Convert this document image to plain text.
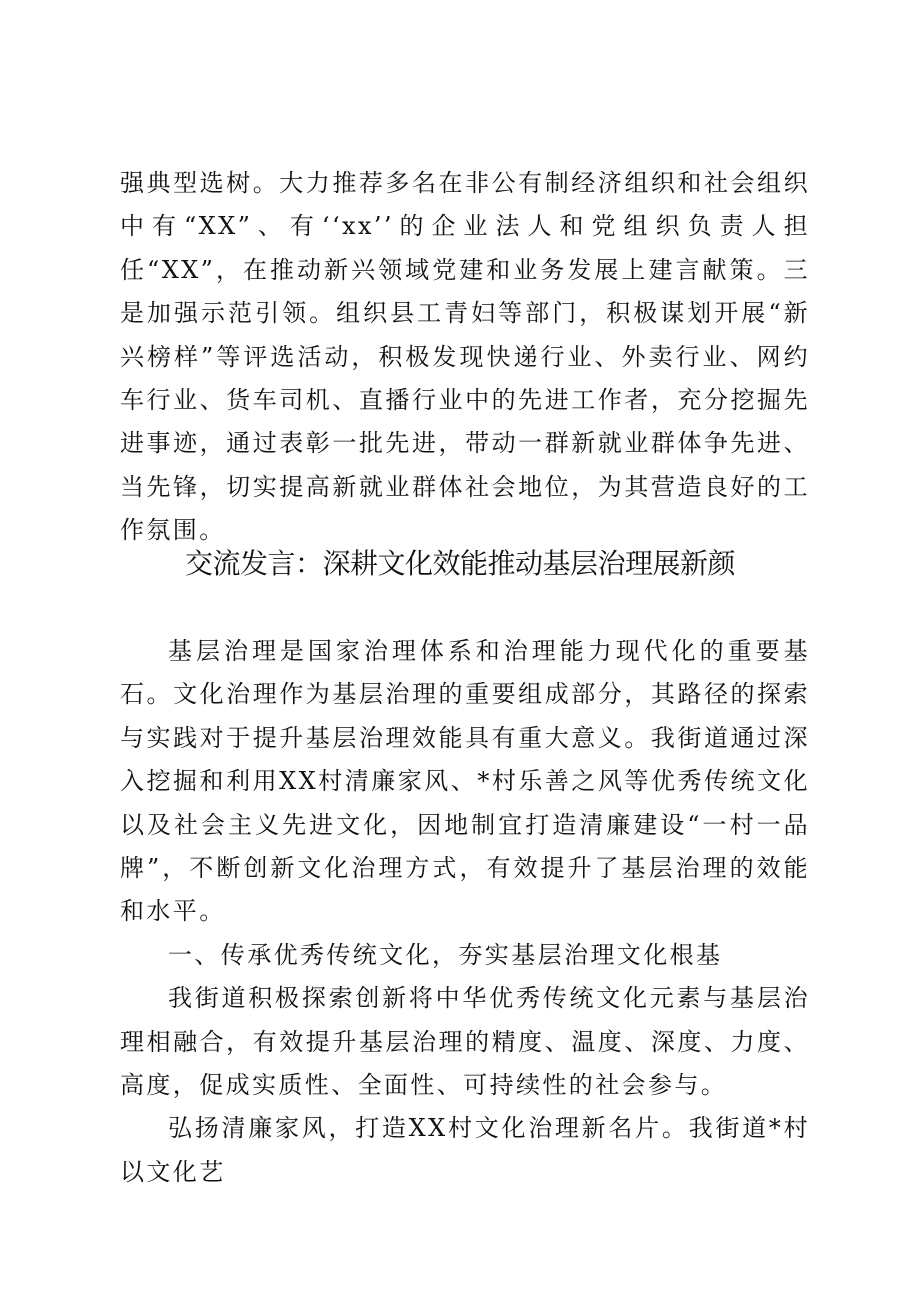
强典型选树。大力推荐多名在非公有制经济组织和社会组织中有“XX”、有‘‘xx’’的企业法人和党组织负责人担任“XX”，在推动新兴领域党建和业务发展上建言献策。三是加强示范引领。组织县工青妇等部门，积极谋划开展“新兴榜样”等评选活动，积极发现快递行业、外卖行业、网约车行业、货车司机、直播行业中的先进工作者，充分挖掘先进事迹，通过表彰一批先进，带动一群新就业群体争先进、当先锋，切实提高新就业群体社会地位，为其营造良好的工作氛围。

交流发言：深耕文化效能推动基层治理展新颜

基层治理是国家治理体系和治理能力现代化的重要基石。文化治理作为基层治理的重要组成部分，其路径的探索与实践对于提升基层治理效能具有重大意义。我街道通过深入挖掘和利用XX村清廉家风、*村乐善之风等优秀传统文化以及社会主义先进文化，因地制宜打造清廉建设“一村一品牌”，不断创新文化治理方式，有效提升了基层治理的效能和水平。

一、传承优秀传统文化，夯实基层治理文化根基

我街道积极探索创新将中华优秀传统文化元素与基层治理相融合，有效提升基层治理的精度、温度、深度、力度、高度，促成实质性、全面性、可持续性的社会参与。

弘扬清廉家风，打造XX村文化治理新名片。我街道*村以文化艺
